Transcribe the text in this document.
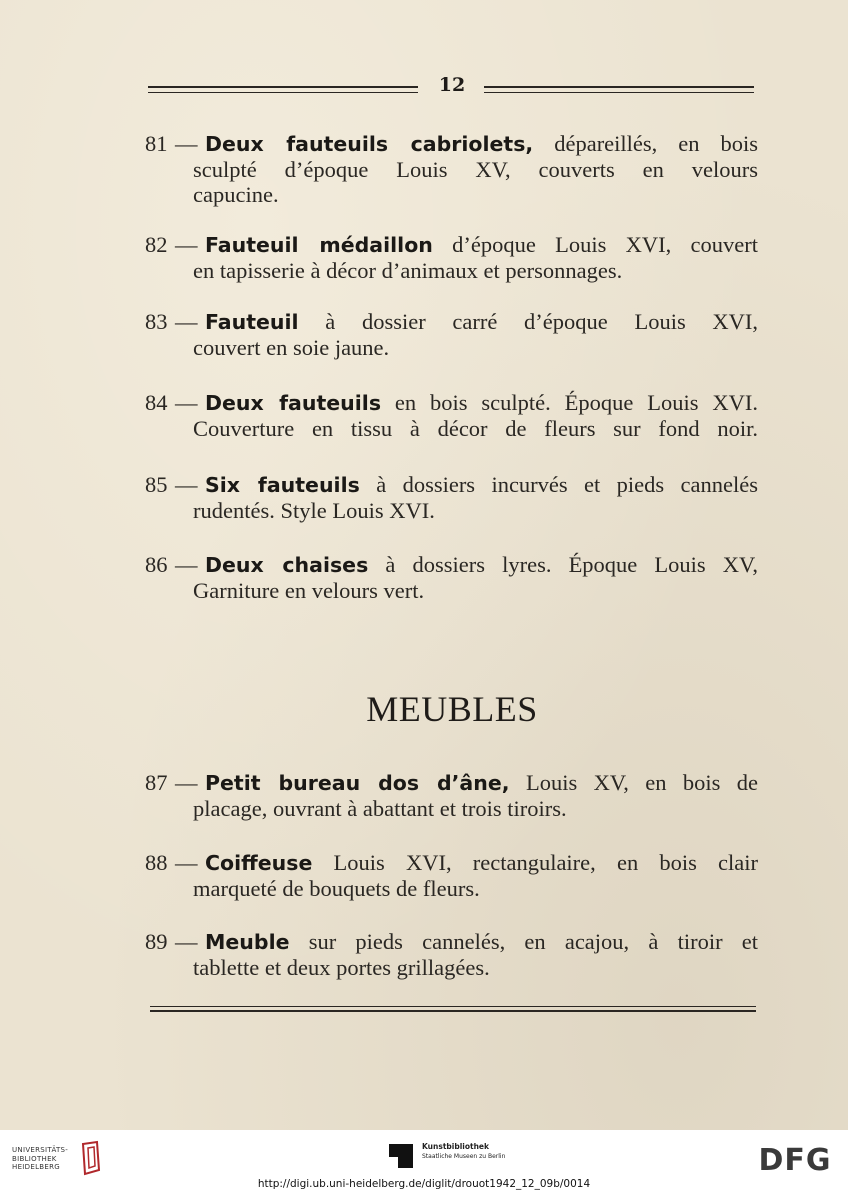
12
81 — Deux fauteuils cabriolets, dépareillés, en bois
sculpté d’époque Louis XV, couverts en velours
capucine.
82 — Fauteuil médaillon d’époque Louis XVI, couvert
en tapisserie à décor d’animaux et personnages.
83 — Fauteuil à dossier carré d’époque Louis XVI,
couvert en soie jaune.
84 — Deux fauteuils en bois sculpté. Époque Louis XVI.
Couverture en tissu à décor de fleurs sur fond noir.
85 — Six fauteuils à dossiers incurvés et pieds cannelés
rudentés. Style Louis XVI.
86 — Deux chaises à dossiers lyres. Époque Louis XV,
Garniture en velours vert.
MEUBLES
87 — Petit bureau dos d’âne, Louis XV, en bois de
placage, ouvrant à abattant et trois tiroirs.
88 — Coiffeuse Louis XVI, rectangulaire, en bois clair
marqueté de bouquets de fleurs.
89 — Meuble sur pieds cannelés, en acajou, à tiroir et
tablette et deux portes grillagées.
UNIVERSITÄTS-
BIBLIOTHEK
HEIDELBERG
Kunstbibliothek
Staatliche Museen zu Berlin	DFG
http://digi.ub.uni-heidelberg.de/diglit/drouot1942_12_09b/0014
